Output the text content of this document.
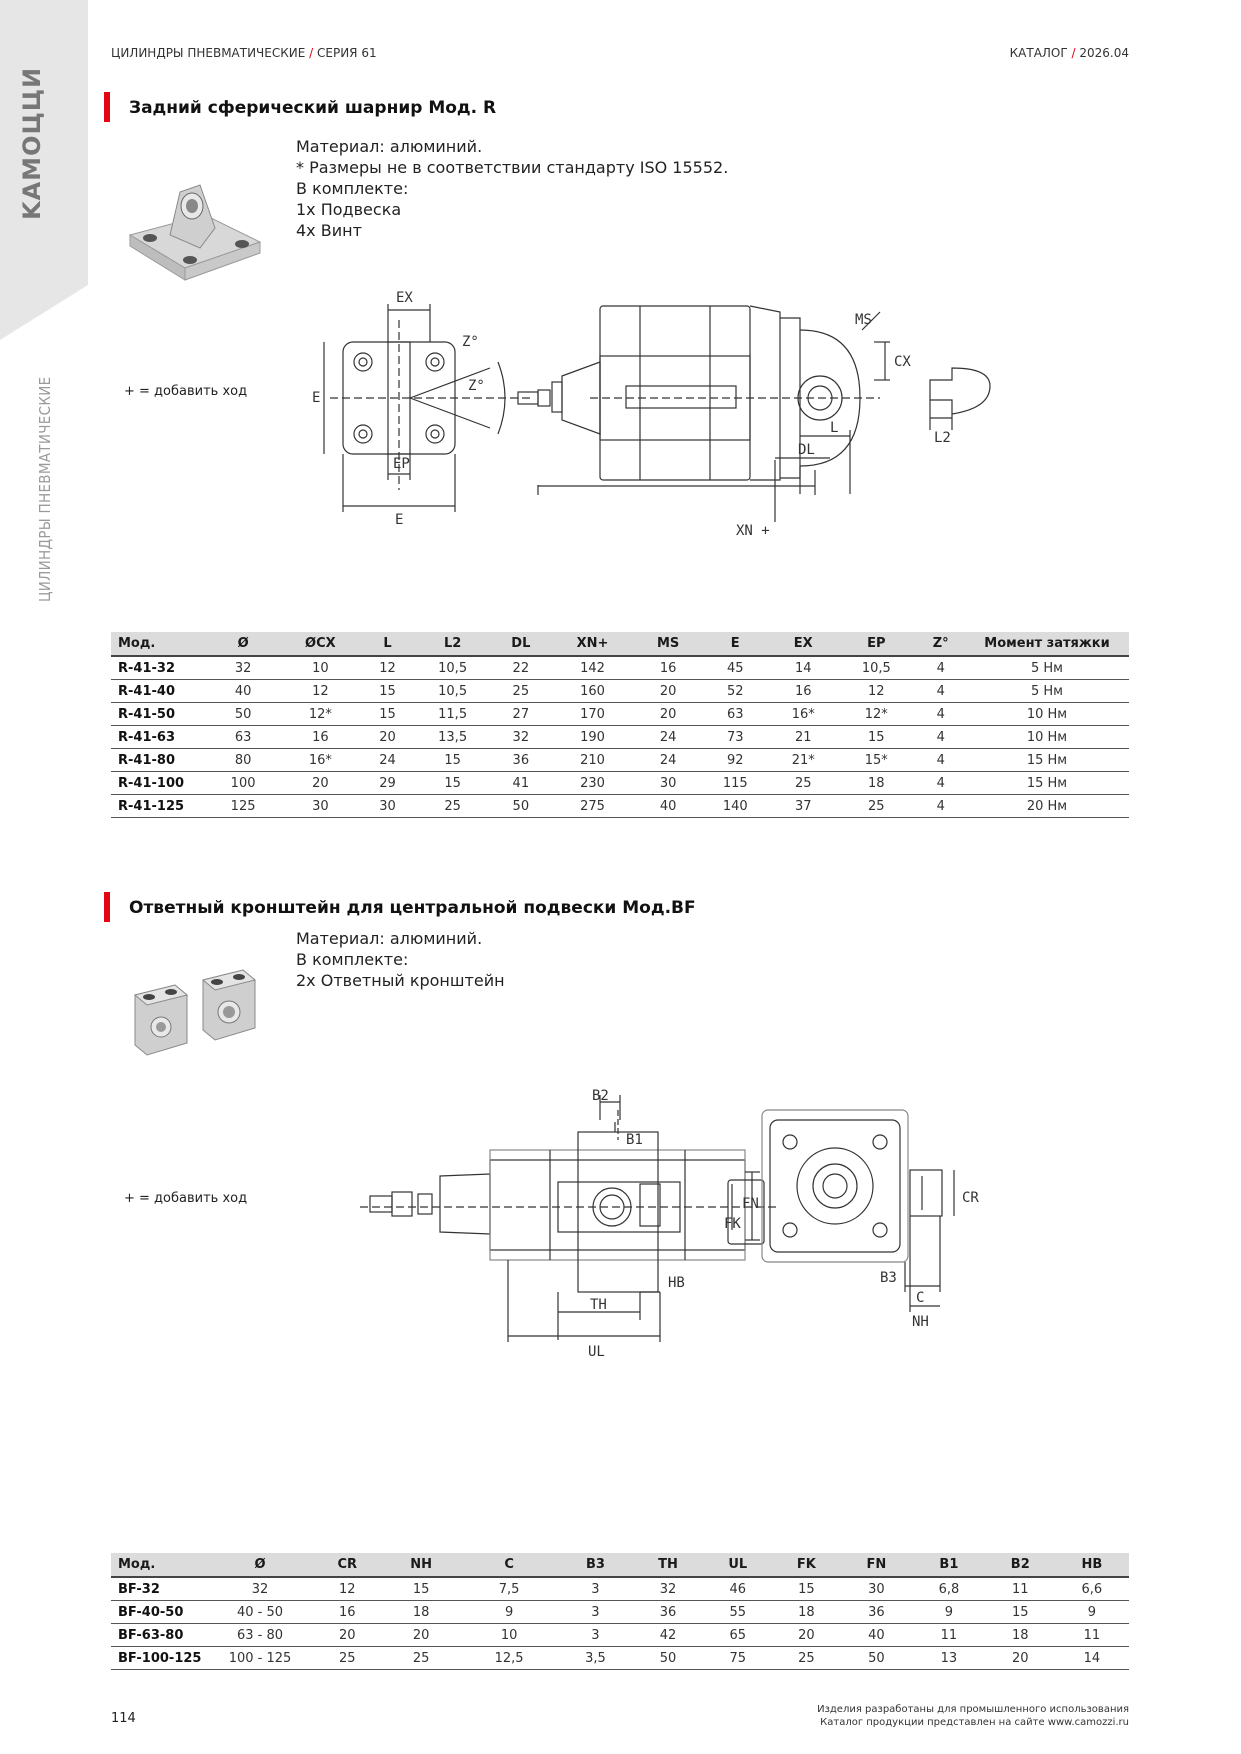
KAMOЦЦИ
ЦИЛИНДРЫ ПНЕВМАТИЧЕСКИЕ
ЦИЛИНДРЫ ПНЕВМАТИЧЕСКИЕ / СЕРИЯ 61	КАТАЛОГ / 2026.04
Задний сферический шарнир Мод. R
Материал: алюминий.
* Размеры не в соответствии стандарту ISO 15552.
В комплекте:
1x Подвеска
4x Винт
+ = добавить ход
EX
EP
E
E
Z°
Z°
MS
CX
L
DL
XN +
L2
Мод.	Ø	ØCX	L	L2	DL	XN+	MS	E	EX	EP	Z°	Момент затяжки
R-41-32	32	10	12	10,5	22	142	16	45	14	10,5	4	5 Нм
R-41-40	40	12	15	10,5	25	160	20	52	16	12	4	5 Нм
R-41-50	50	12*	15	11,5	27	170	20	63	16*	12*	4	10 Нм
R-41-63	63	16	20	13,5	32	190	24	73	21	15	4	10 Нм
R-41-80	80	16*	24	15	36	210	24	92	21*	15*	4	15 Нм
R-41-100	100	20	29	15	41	230	30	115	25	18	4	15 Нм
R-41-125	125	30	30	25	50	275	40	140	37	25	4	20 Нм
Ответный кронштейн для центральной подвески Мод.BF
Материал: алюминий.
В комплекте:
2x Ответный кронштейн
+ = добавить ход
B2
B1
FK
FN
HB
TH
UL
B3
C
NH
CR
Мод.	Ø	CR	NH	C	B3	TH	UL	FK	FN	B1	B2	HB
BF-32	32	12	15	7,5	3	32	46	15	30	6,8	11	6,6
BF-40-50	40 - 50	16	18	9	3	36	55	18	36	9	15	9
BF-63-80	63 - 80	20	20	10	3	42	65	20	40	11	18	11
BF-100-125	100 - 125	25	25	12,5	3,5	50	75	25	50	13	20	14
114
Изделия разработаны для промышленного использования
Каталог продукции представлен на сайте www.camozzi.ru
